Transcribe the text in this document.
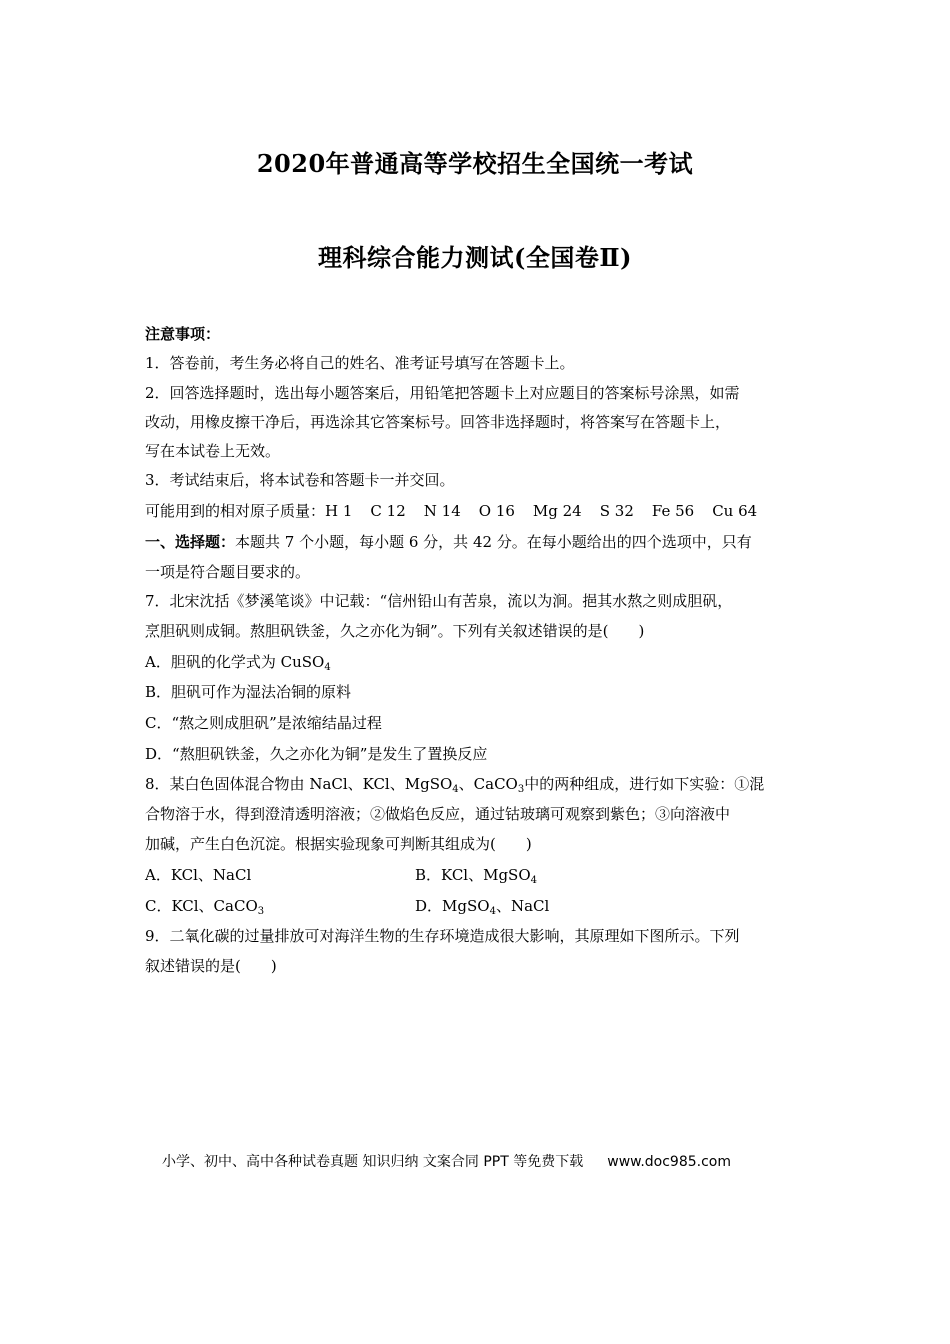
2020年普通高等学校招生全国统一考试
理科综合能力测试(全国卷Ⅱ)
注意事项：
1．答卷前，考生务必将自己的姓名、准考证号填写在答题卡上。
2．回答选择题时，选出每小题答案后，用铅笔把答题卡上对应题目的答案标号涂黑，如需
改动，用橡皮擦干净后，再选涂其它答案标号。回答非选择题时，将答案写在答题卡上，
写在本试卷上无效。
3．考试结束后，将本试卷和答题卡一并交回。
可能用到的相对原子质量：H 1 C 12 N 14 O 16 Mg 24 S 32 Fe 56 Cu 64
一、选择题：本题共 7 个小题，每小题 6 分，共 42 分。在每小题给出的四个选项中，只有
一项是符合题目要求的。
7．北宋沈括《梦溪笔谈》中记载：“信州铅山有苦泉，流以为涧。挹其水熬之则成胆矾，
烹胆矾则成铜。熬胆矾铁釜，久之亦化为铜”。下列有关叙述错误的是(　　)
A．胆矾的化学式为 CuSO$_4$
B．胆矾可作为湿法冶铜的原料
C．“熬之则成胆矾”是浓缩结晶过程
D．“熬胆矾铁釜，久之亦化为铜”是发生了置换反应
8．某白色固体混合物由 NaCl、KCl、MgSO$_4$、CaCO$_3$中的两种组成，进行如下实验：①混
合物溶于水，得到澄清透明溶液；②做焰色反应，通过钴玻璃可观察到紫色；③向溶液中
加碱，产生白色沉淀。根据实验现象可判断其组成为(　　)
A．KCl、NaCl	B．KCl、MgSO$_4$
C．KCl、CaCO$_3$	D．MgSO$_4$、NaCl
9．二氧化碳的过量排放可对海洋生物的生存环境造成很大影响，其原理如下图所示。下列
叙述错误的是(　　)
小学、初中、高中各种试卷真题 知识归纳 文案合同 PPT 等免费下载 www.doc985.com
